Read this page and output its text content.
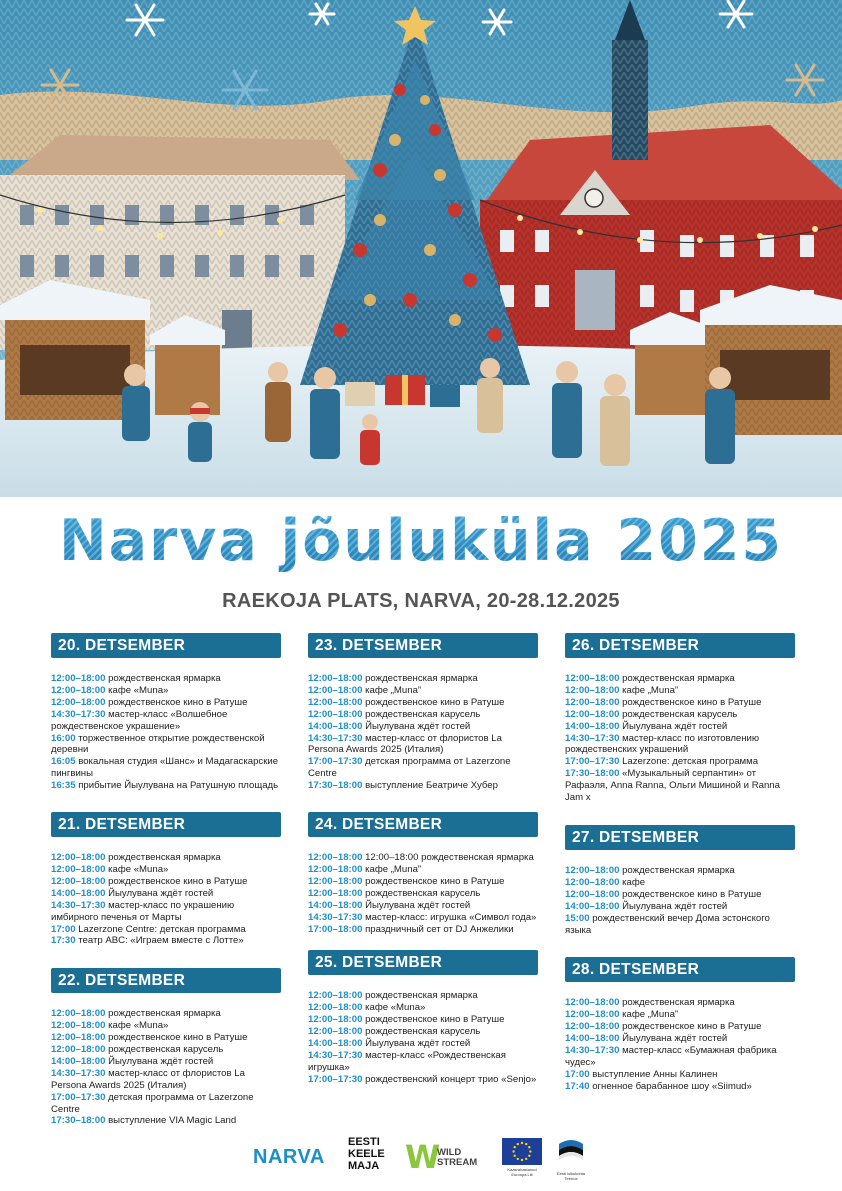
Narva jõuluküla 2025
RAEKOJA PLATS, NARVA, 20-28.12.2025
20. DETSEMBER
12:00–18:00 рождественская ярмарка
12:00–18:00 кафе «Muna»
12:00–18:00 рождественское кино в Ратуше
14:30–17:30 мастер-класс «Волшебное рождественское украшение»
16:00 торжественное открытие рождественской деревни
16:05 вокальная студия «Шанс» и Мадагаскарские пингвины
16:35 прибытие Йыулувана на Ратушную площадь
21. DETSEMBER
12:00–18:00 рождественская ярмарка
12:00–18:00 кафе «Muna»
12:00–18:00 рождественское кино в Ратуше
14:00–18:00 Йыулувана ждёт гостей
14:30–17:30 мастер-класс по украшению имбирного печенья от Марты
17:00 Lazerzone Centre: детская программа
17:30 театр ABC: «Играем вместе с Лотте»
22. DETSEMBER
12:00–18:00 рождественская ярмарка
12:00–18:00 кафе «Muna»
12:00–18:00 рождественское кино в Ратуше
12:00–18:00 рождественская карусель
14:00–18:00 Йыулувана ждёт гостей
14:30–17:30 мастер-класс от флористов La Persona Awards 2025 (Италия)
17:00–17:30 детская программа от Lazerzone Centre
17:30–18:00 выступление VIA Magic Land
23. DETSEMBER
12:00–18:00 рождественская ярмарка
12:00–18:00 кафе „Muna”
12:00–18:00 рождественское кино в Ратуше
12:00–18:00 рождественская карусель
14:00–18:00 Йыулувана ждёт гостей
14:30–17:30 мастер-класс от флористов La Persona Awards 2025 (Италия)
17:00–17:30 детская программа от Lazerzone Centre
17:30–18:00 выступление Беатриче Хубер
24. DETSEMBER
12:00–18:00 12:00–18:00 рождественская ярмарка
12:00–18:00 кафе „Muna”
12:00–18:00 рождественское кино в Ратуше
12:00–18:00 рождественская карусель
14:00–18:00 Йыулувана ждёт гостей
14:30–17:30 мастер-класс: игрушка «Символ года»
17:00–18:00 праздничный сет от DJ Анжелики
25. DETSEMBER
12:00–18:00 рождественская ярмарка
12:00–18:00 кафе «Muna»
12:00–18:00 рождественское кино в Ратуше
12:00–18:00 рождественская карусель
14:00–18:00 Йыулувана ждёт гостей
14:30–17:30 мастер-класс «Рождественская игрушка»
17:00–17:30 рождественский концерт трио «Senjo»
26. DETSEMBER
12:00–18:00 рождественская ярмарка
12:00–18:00 кафе „Muna”
12:00–18:00 рождественское кино в Ратуше
12:00–18:00 рождественская карусель
14:00–18:00 Йыулувана ждёт гостей
14:30–17:30 мастер-класс по изготовлению рождественских украшений
17:00–17:30 Lazerzone: детская программа
17:30–18:00 «Музыкальный серпантин» от Рафаэля, Anna Ranna, Ольги Мишиной и Ranna Jam x
27. DETSEMBER
12:00–18:00 рождественская ярмарка
12:00–18:00 кафе
12:00–18:00 рождественское кино в Ратуше
14:00–18:00 Йыулувана ждёт гостей
15:00 рождественский вечер Дома эстонского языка
28. DETSEMBER
12:00–18:00 рождественская ярмарка
12:00–18:00 кафе „Muna”
12:00–18:00 рождественское кино в Ратуше
14:00–18:00 Йыулувана ждёт гостей
14:30–17:30 мастер-класс «Бумажная фабрика чудес»
17:00 выступление Анны Калинен
17:40 огненное барабанное шоу «Siimud»
NARVA
EESTI
KEELE
MAJA W
WILD
STREAM
Kaasrahastanud Euroopa Liit	Eesti Isikukohta Teenus
